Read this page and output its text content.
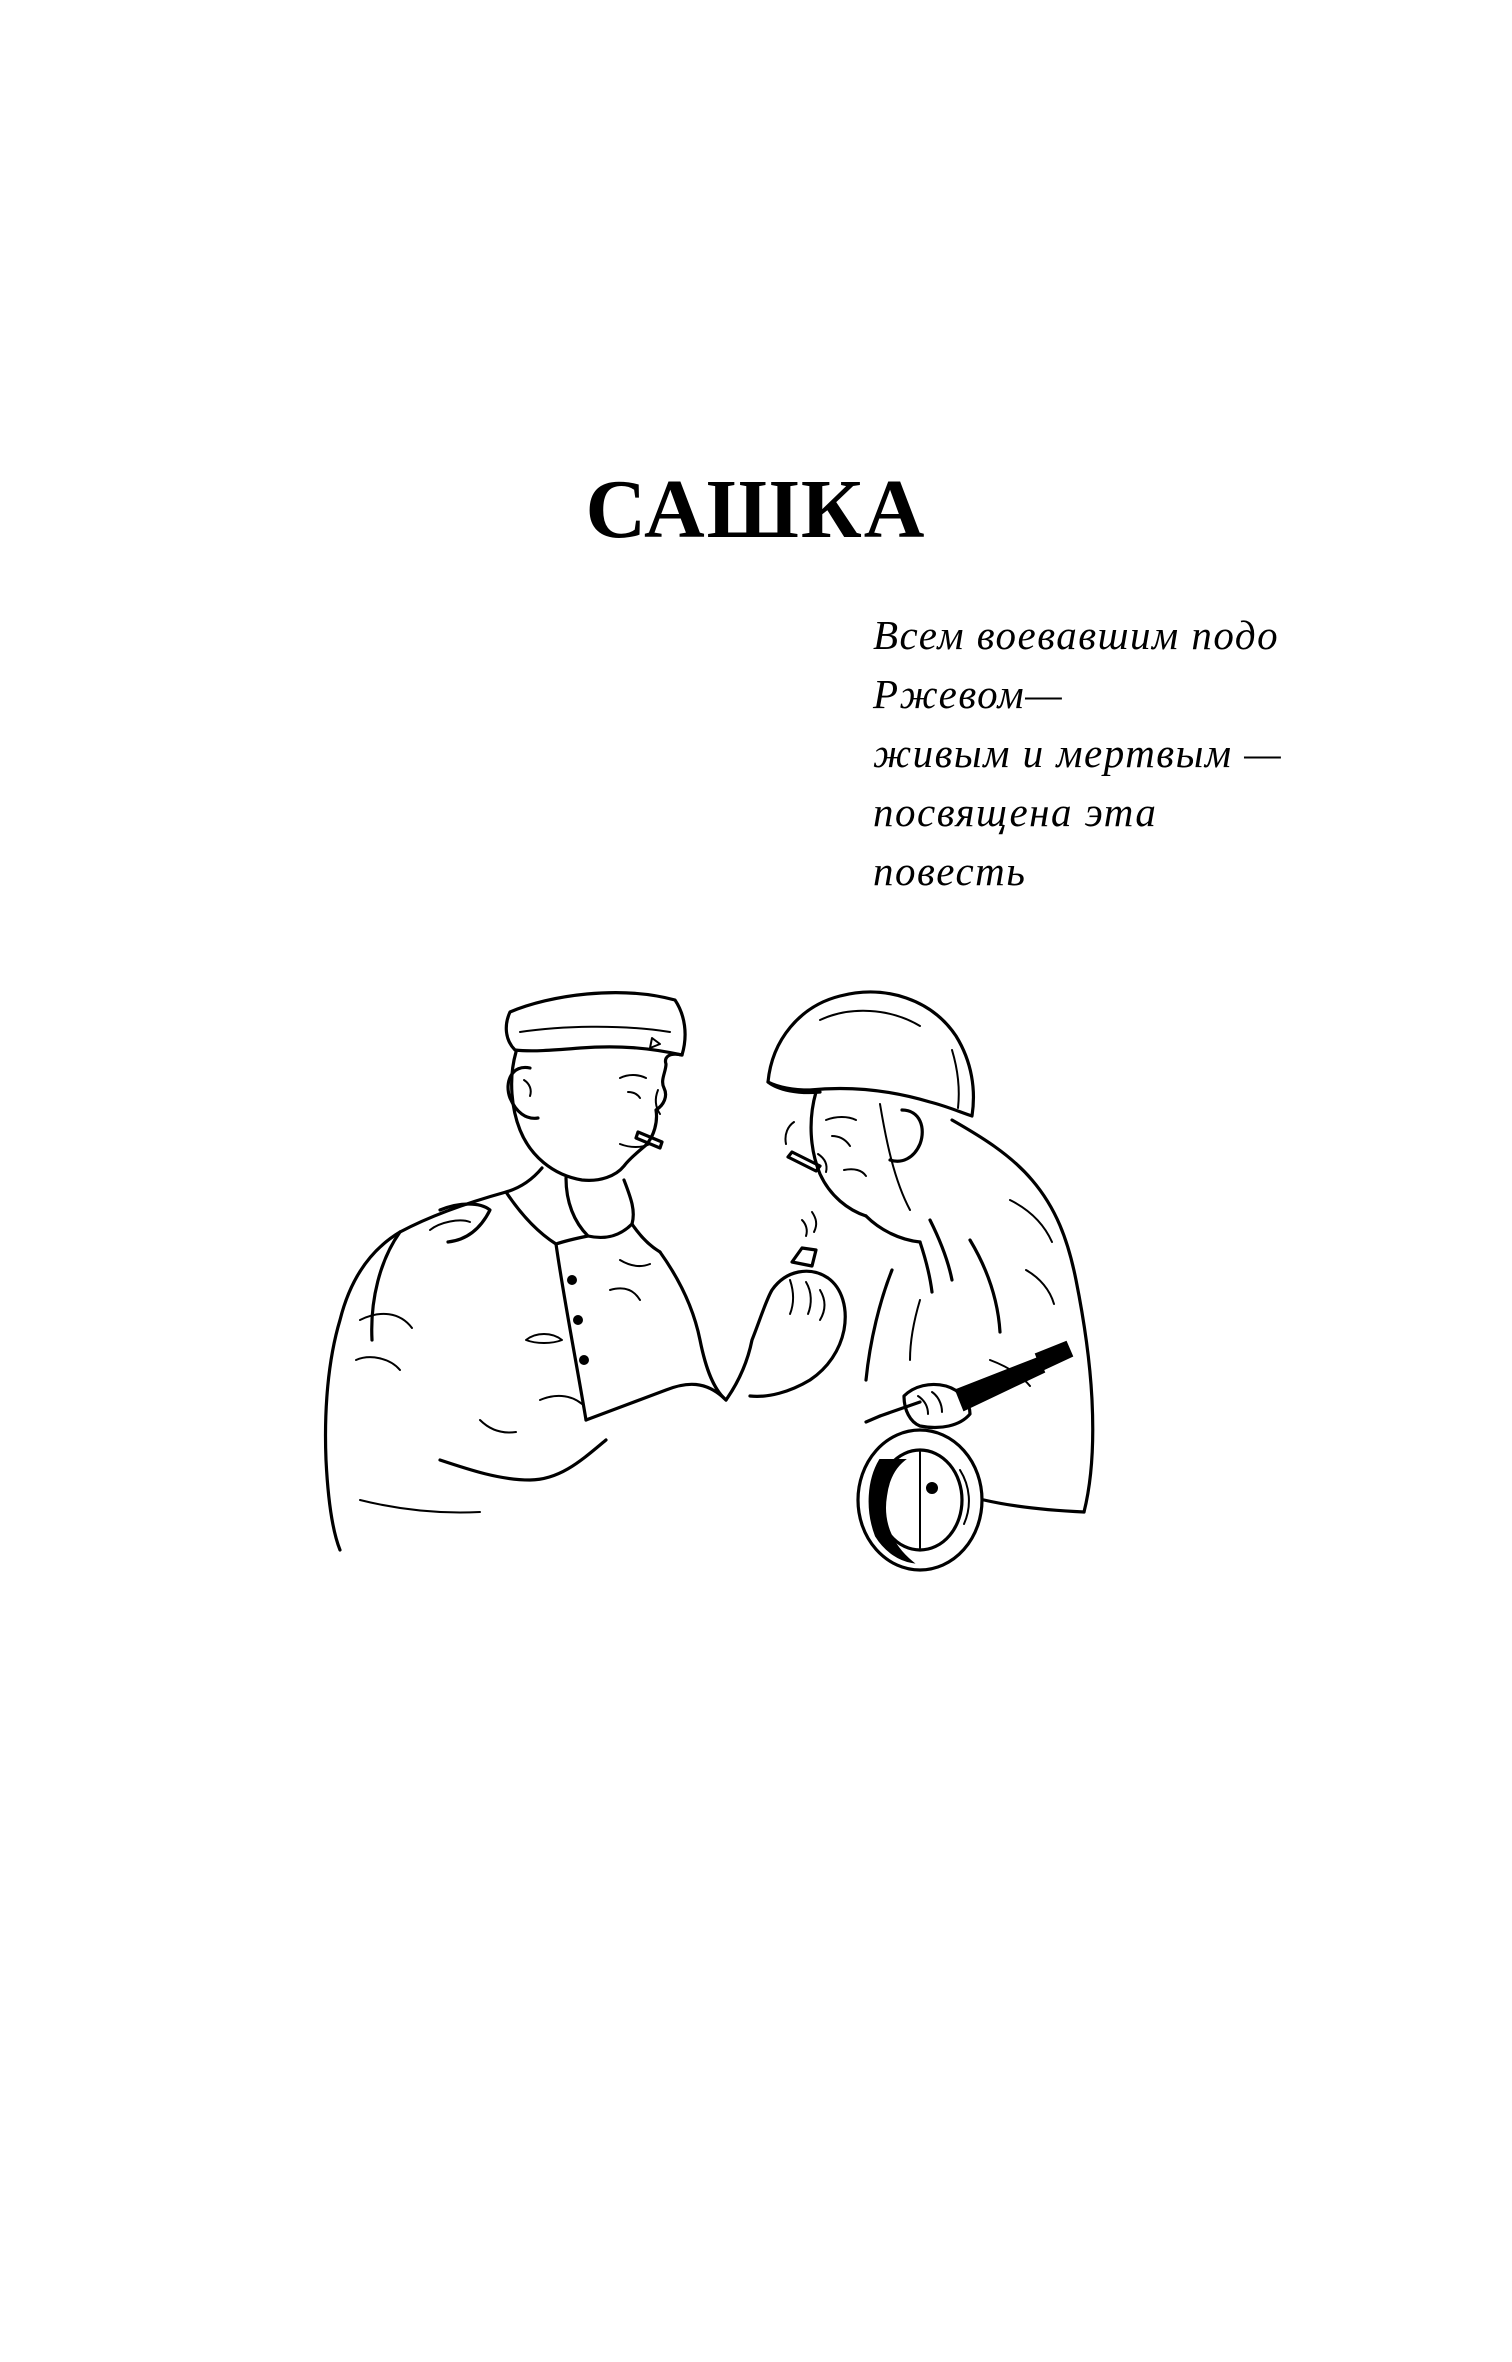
САШКА
Всем воевавшим подо
Ржевом—
живым и мертвым —
посвящена эта
повесть
